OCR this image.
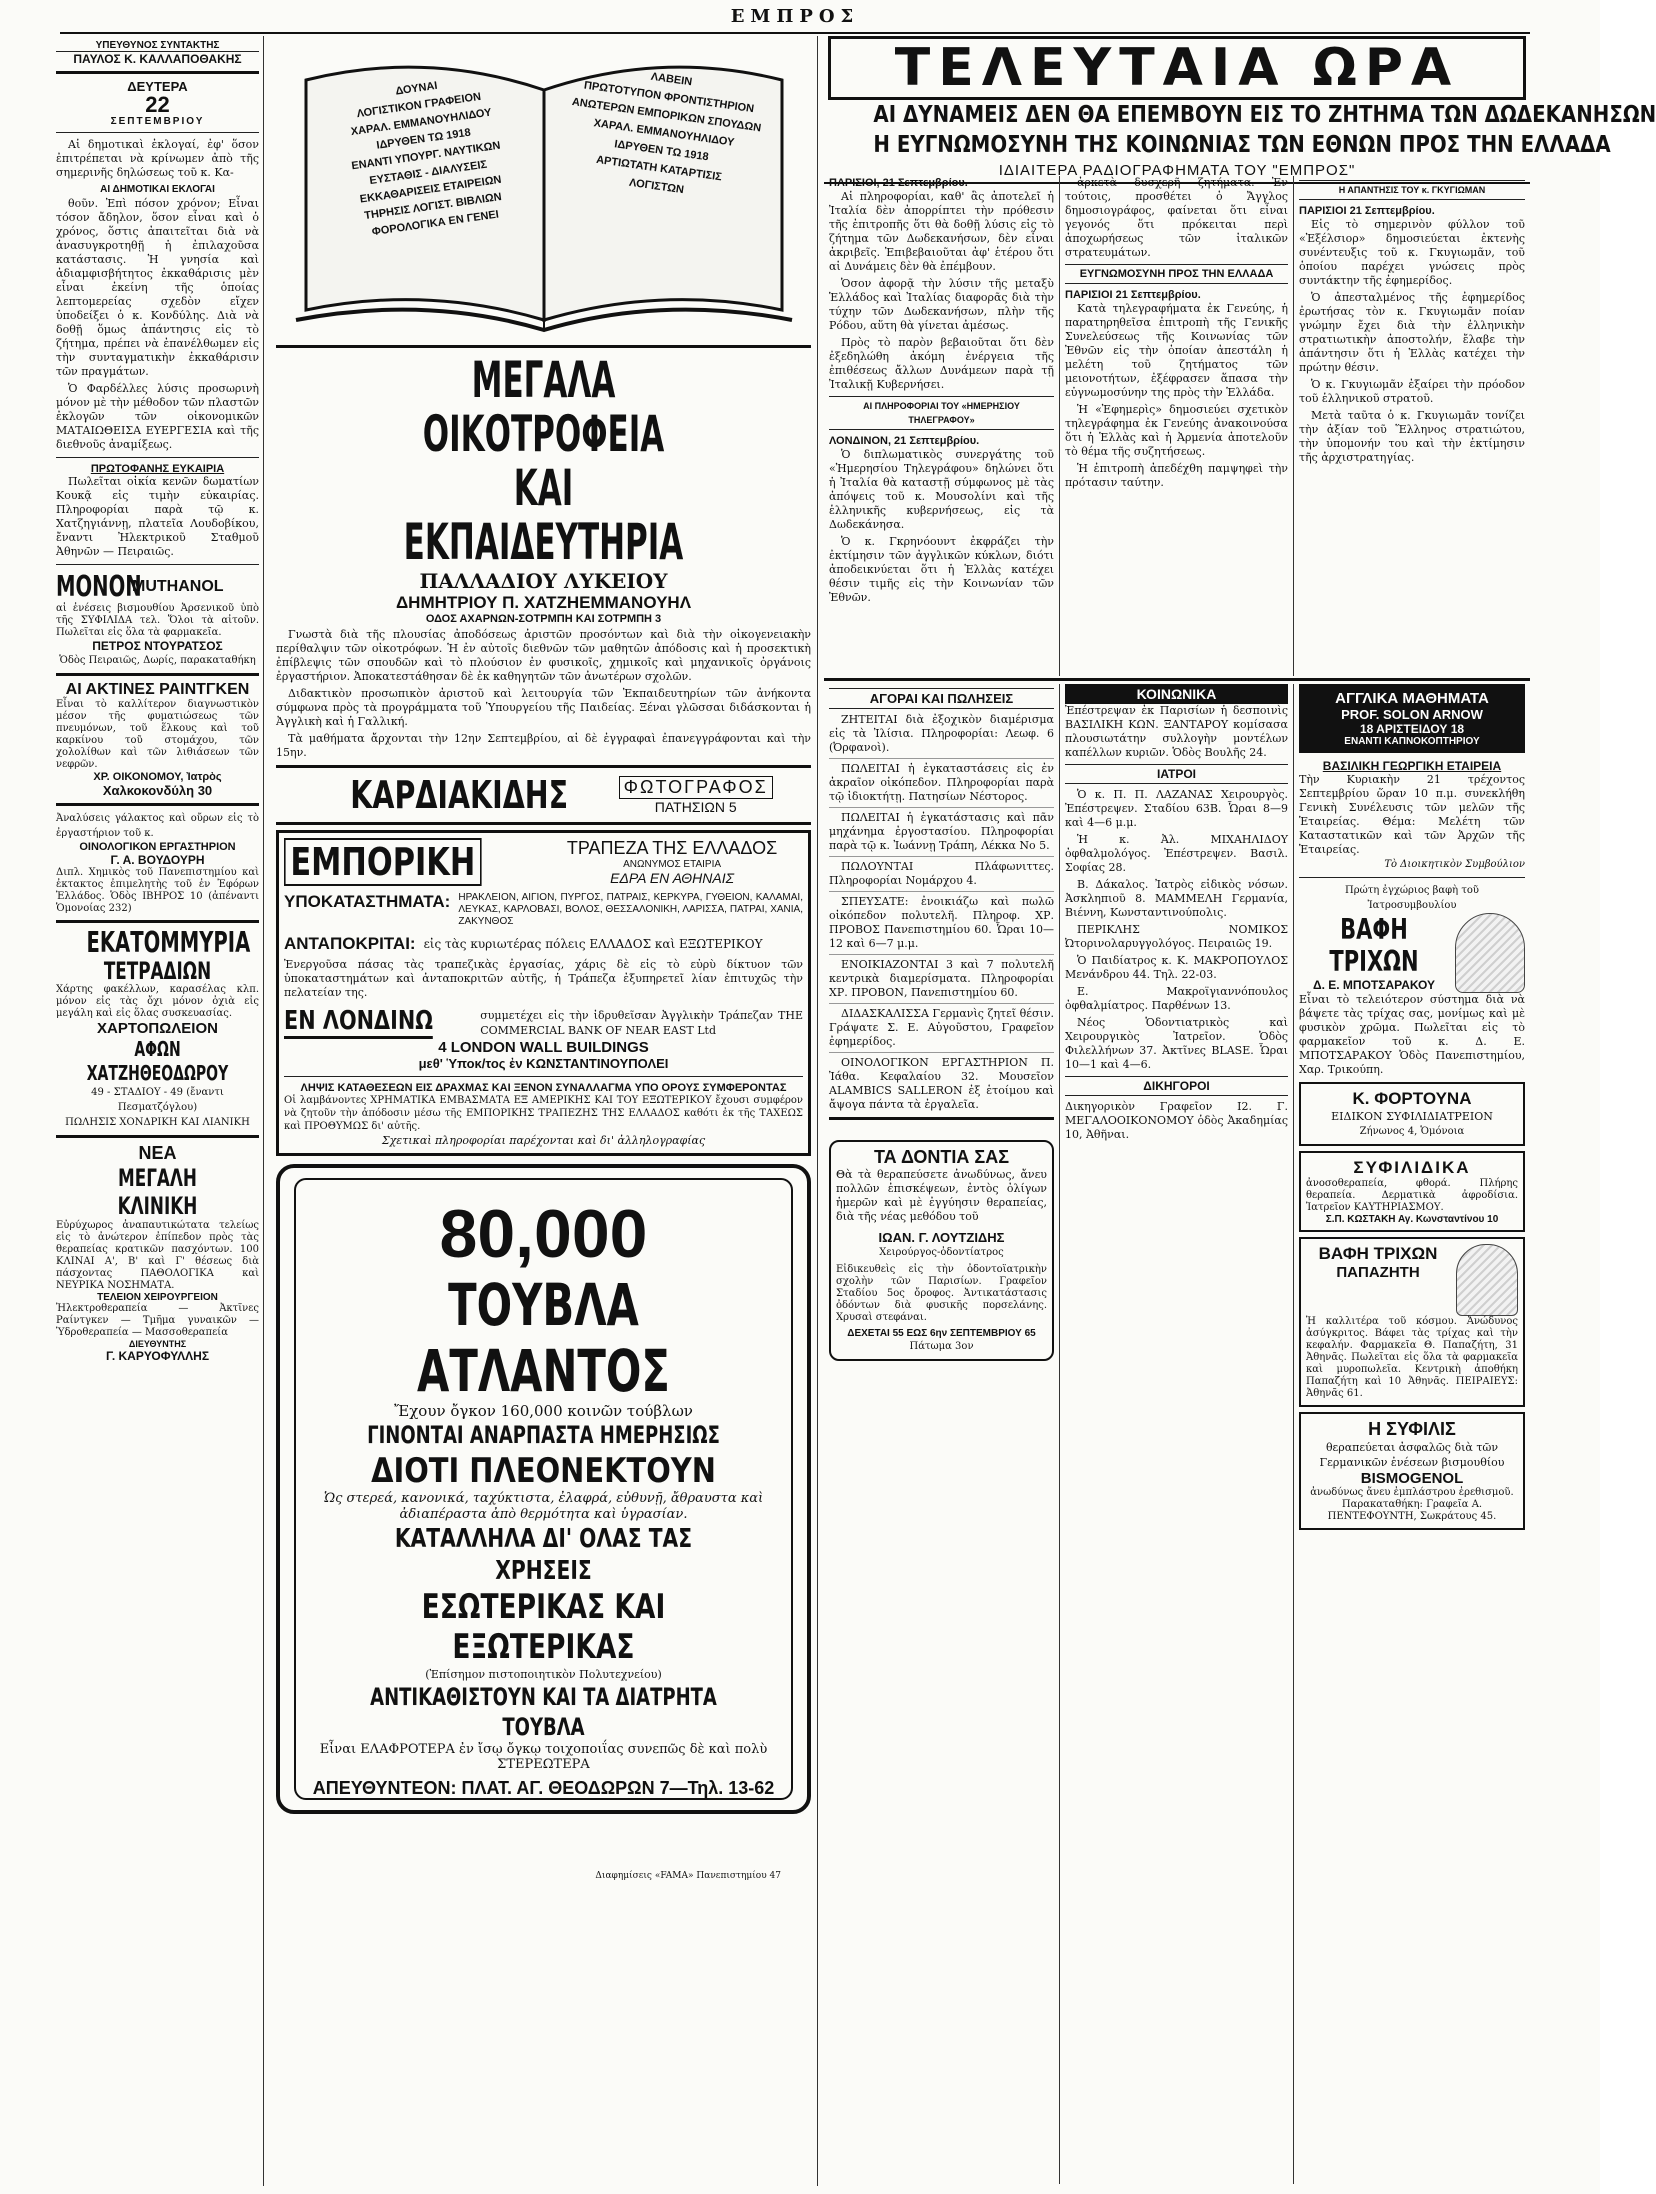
ΕΜΠΡΟΣ
ΥΠΕΥΘΥΝΟΣ ΣΥΝΤΑΚΤΗΣ
ΠΑΥΛΟΣ Κ. ΚΑΛΛΑΠΟΘΑΚΗΣ
ΔΕΥΤΕΡΑ
22
ΣΕΠΤΕΜΒΡΙΟΥ

Αἱ δημοτικαὶ ἐκλογαί, ἐφ' ὅσον ἐπιτρέπεται νὰ κρίνωμεν ἀπὸ τῆς σημερινῆς δηλώσεως τοῦ κ. Κα-

ΑΙ ΔΗΜΟΤΙΚΑΙ ΕΚΛΟΓΑΙ

θοῦν. Ἐπὶ πόσον χρόνον; Εἶναι τόσον ἄδηλον, ὅσον εἶναι καὶ ὁ χρόνος, ὅστις ἀπαιτεῖται διὰ νὰ ἀνασυγκροτηθῇ ἡ ἐπιλαχοῦσα κατάστασις. Ἡ γνησία καὶ ἀδιαμφισβήτητος ἐκκαθάρισις μὲν εἶναι ἐκείνη τῆς ὁποίας λεπτομερείας σχεδὸν εἴχεν ὑποδείξει ὁ κ. Κονδύλης. Διὰ νὰ δοθῇ ὅμως ἀπάντησις εἰς τὸ ζήτημα, πρέπει νὰ ἐπανέλθωμεν εἰς τὴν συνταγματικὴν ἐκκαθάρισιν τῶν πραγμάτων.

Ὁ Φαρδέλλες λύσις προσωρινὴ μόνον μὲ τὴν μέθοδον τῶν πλαστῶν ἐκλογῶν τῶν οἰκονομικῶν ΜΑΤΑΙΩΘΕΙΣΑ ΕΥΕΡΓΕΣΙΑ καὶ τῆς διεθνοῦς ἀναμίξεως.

ΠΡΩΤΟΦΑΝΗΣ ΕΥΚΑΙΡΙΑ

Πωλεῖται οἰκία κενῶν δωματίων Κουκᾷ εἰς τιμὴν εὐκαιρίας. Πληροφορίαι παρὰ τῷ κ. Χατζηγιάννῃ, πλατεῖα Λουδοβίκου, ἔναντι Ἠλεκτρικοῦ Σταθμοῦ Ἀθηνῶν — Πειραιῶς.

ΜΟΝΟΝ
MUTHANOL
αἱ ἐνέσεις βισμουθίου Ἀρσενικοῦ ὑπὸ τῆς ΣΥΦΙΛΙΔΑ τελ. Ὅλοι τὰ αἰτοῦν. Πωλεῖται εἰς ὅλα τὰ φαρμακεῖα.
ΠΕΤΡΟΣ ΝΤΟΥΡΑΤΣΟΣ
Ὁδὸς Πειραιῶς, Δωρίς, παρακαταθήκη
ΑΙ ΑΚΤΙΝΕΣ ΡΑΙΝΤΓΚΕΝ
Εἶναι τὸ καλλίτερον διαγνωστικὸν μέσον τῆς φυματιώσεως τῶν πνευμόνων, τοῦ ἕλκους καὶ τοῦ καρκίνου τοῦ στομάχου, τῶν χολολίθων καὶ τῶν λιθιάσεων τῶν νεφρῶν.
ΧΡ. ΟΙΚΟΝΟΜΟΥ, Ἰατρὸς
Χαλκοκονδύλη 30
Ἀναλύσεις γάλακτος καὶ οὔρων εἰς τὸ ἐργαστήριον τοῦ κ.
ΟΙΝΟΛΟΓΙΚΟΝ ΕΡΓΑΣΤΗΡΙΟΝ
Γ. Α. ΒΟΥΔΟΥΡΗ
Διπλ. Χημικὸς τοῦ Πανεπιστημίου καὶ ἐκτακτος ἐπιμελητὴς τοῦ ἐν Ἐφόρων Ἑλλάδος. Ὁδὸς ΙΒΗΡΟΣ 10 (ἀπέναντι Ὁμονοίας 232)
ΕΚΑΤΟΜΜΥΡΙΑ
ΤΕΤΡΑΔΙΩΝ
Χάρτης φακέλλων, καρασέλας κλπ. μόνον εἰς τὰς ὄχι μόνον ὀχιὰ εἰς μεγάλη καὶ εἰς ὅλας συσκευασίας.
ΧΑΡΤΟΠΩΛΕΙΟΝ
ΑΦΩΝ ΧΑΤΖΗΘΕΟΔΩΡΟΥ
49 - ΣΤΑΔΙΟΥ - 49 (ἔναντι Πεσματζόγλου)
ΠΩΛΗΣΙΣ ΧΟΝΔΡΙΚΗ ΚΑΙ ΛΙΑΝΙΚΗ
ΝΕΑ
ΜΕΓΑΛΗ ΚΛΙΝΙΚΗ
Εὐρύχωρος ἀναπαυτικώτατα τελείως εἰς τὸ ἀνώτερον ἐπίπεδον πρὸς τὰς θεραπείας κρατικῶν πασχόντων. 100 ΚΛΙΝΑΙ Α', Β' καὶ Γ' θέσεως διὰ πάσχοντας ΠΑΘΟΛΟΓΙΚΑ καὶ ΝΕΥΡΙΚΑ ΝΟΣΗΜΑΤΑ.
ΤΕΛΕΙΟΝ ΧΕΙΡΟΥΡΓΕΙΟΝ
Ἠλεκτροθεραπεία — Ἀκτῖνες Ραίντγκεν — Τμῆμα γυναικῶν — Ὑδροθεραπεία — Μασσοθεραπεία
ΔΙΕΥΘΥΝΤΗΣ
Γ. ΚΑΡΥΟΦΥΛΛΗΣ
ΔΟΥΝΑΙ
ΛΟΓΙΣΤΙΚΟΝ ΓΡΑΦΕΙΟΝ
ΧΑΡΑΛ. ΕΜΜΑΝΟΥΗΛΙΔΟΥ
ΙΔΡΥΘΕΝ ΤΩ 1918
ΕΝΑΝΤΙ ΥΠΟΥΡΓ. ΝΑΥΤΙΚΩΝ
ΕΥΣΤΑΘΙΣ - ΔΙΑΛΥΣΕΙΣ
ΕΚΚΑΘΑΡΙΣΕΙΣ ΕΤΑΙΡΕΙΩΝ
ΤΗΡΗΣΙΣ ΛΟΓΙΣΤ. ΒΙΒΛΙΩΝ
ΦΟΡΟΛΟΓΙΚΑ ΕΝ ΓΕΝΕΙ
ΛΑΒΕΙΝ
ΠΡΩΤΟΤΥΠΟΝ ΦΡΟΝΤΙΣΤΗΡΙΟΝ
ΑΝΩΤΕΡΩΝ ΕΜΠΟΡΙΚΩΝ ΣΠΟΥΔΩΝ
ΧΑΡΑΛ. ΕΜΜΑΝΟΥΗΛΙΔΟΥ
ΙΔΡΥΘΕΝ ΤΩ 1918
ΑΡΤΙΩΤΑΤΗ ΚΑΤΑΡΤΙΣΙΣ
ΛΟΓΙΣΤΩΝ
ΜΕΓΑΛΑ ΟΙΚΟΤΡΟΦΕΙΑ
ΚΑΙ ΕΚΠΑΙΔΕΥΤΗΡΙΑ
ΠΑΛΛΑΔΙΟΥ ΛΥΚΕΙΟΥ
ΔΗΜΗΤΡΙΟΥ Π. ΧΑΤΖΗΕΜΜΑΝΟΥΗΛ
ΟΔΟΣ ΑΧΑΡΝΩΝ-ΣΟΤΡΜΠΗ ΚΑΙ ΣΟΤΡΜΠΗ 3

Γνωστὰ διὰ τῆς πλουσίας ἀποδόσεως ἀριστῶν προσόντων καὶ διὰ τὴν οἰκογενειακὴν περίθαλψιν τῶν οἰκοτρόφων. Ἡ ἐν αὐτοῖς διεθνῶν τῶν μαθητῶν ἀπόδοσις καὶ ἡ προσεκτικὴ ἐπίβλεψις τῶν σπουδῶν καὶ τὸ πλούσιον ἐν φυσικοῖς, χημικοῖς καὶ μηχανικοῖς ὀργάνοις ἐργαστήριον. Ἀποκατεστάθησαν δὲ ἐκ καθηγητῶν τῶν ἀνωτέρων σχολῶν.

Διδακτικὸν προσωπικὸν ἀριστοῦ καὶ λειτουργία τῶν Ἐκπαιδευτηρίων τῶν ἀνήκοντα σύμφωνα πρὸς τὰ προγράμματα τοῦ Ὑπουργείου τῆς Παιδείας. Ξέναι γλῶσσαι διδάσκονται ἡ Ἀγγλικὴ καὶ ἡ Γαλλική.

Τὰ μαθήματα ἄρχονται τὴν 12ην Σεπτεμβρίου, αἱ δὲ ἐγγραφαὶ ἐπανεγγράφονται καὶ τὴν 15ην.

ΚΑΡΔΙΑΚΙΔΗΣ	ΦΩΤΟΓΡΑΦΟΣ
ΠΑΤΗΣΙΩΝ 5
ΕΜΠΟΡΙΚΗ	ΤΡΑΠΕΖΑ ΤΗΣ ΕΛΛΑΔΟΣ
ΑΝΩΝΥΜΟΣ ΕΤΑΙΡΙΑ
ΕΔΡΑ ΕΝ ΑΘΗΝΑΙΣ
ΥΠΟΚΑΤΑΣΤΗΜΑΤΑ: ΗΡΑΚΛΕΙΟΝ, ΑΙΓΙΟΝ, ΠΥΡΓΟΣ, ΠΑΤΡΑΙΣ, ΚΕΡΚΥΡΑ, ΓΥΘΕΙΟΝ, ΚΑΛΑΜΑΙ, ΛΕΥΚΑΣ, ΚΑΡΛΟΒΑΣΙ, ΒΟΛΟΣ, ΘΕΣΣΑΛΟΝΙΚΗ, ΛΑΡΙΣΣΑ, ΠΑΤΡΑΙ, ΧΑΝΙΑ, ΖΑΚΥΝΘΟΣ
ΑΝΤΑΠΟΚΡΙΤΑΙ: εἰς τὰς κυριωτέρας πόλεις ΕΛΛΑΔΟΣ καὶ ΕΞΩΤΕΡΙΚΟΥ
Ἐνεργοῦσα πάσας τὰς τραπεζικὰς ἐργασίας, χάρις δὲ εἰς τὸ εὐρὺ δίκτυον τῶν ὑποκαταστημάτων καὶ ἀνταποκριτῶν αὐτῆς, ἡ Τράπεζα ἐξυπηρετεῖ λίαν ἐπιτυχῶς τὴν πελατείαν της.
ΕΝ ΛΟΝΔΙΝΩ	συμμετέχει εἰς τὴν ἱδρυθεῖσαν Ἀγγλικὴν Τράπεζαν THE COMMERCIAL BANK OF NEAR EAST Ltd
4 LONDON WALL BUILDINGS
μεθ' Ὑποκ/τος ἐν ΚΩΝΣΤΑΝΤΙΝΟΥΠΟΛΕΙ
ΛΗΨΙΣ ΚΑΤΑΘΕΣΕΩΝ ΕΙΣ ΔΡΑΧΜΑΣ ΚΑΙ ΞΕΝΟΝ ΣΥΝΑΛΛΑΓΜΑ ΥΠΟ ΟΡΟΥΣ ΣΥΜΦΕΡΟΝΤΑΣ
Οἱ λαμβάνοντες ΧΡΗΜΑΤΙΚΑ ΕΜΒΑΣΜΑΤΑ ΕΞ ΑΜΕΡΙΚΗΣ ΚΑΙ ΤΟΥ ΕΞΩΤΕΡΙΚΟΥ ἔχουσι συμφέρον νὰ ζητοῦν τὴν ἀπόδοσιν μέσω τῆς ΕΜΠΟΡΙΚΗΣ ΤΡΑΠΕΖΗΣ ΤΗΣ ΕΛΛΑΔΟΣ καθότι ἐκ τῆς ΤΑΧΕΩΣ καὶ ΠΡΟΘΥΜΩΣ δι' αὐτῆς.
Σχετικαὶ πληροφορίαι παρέχονται καὶ δι' ἀλληλογραφίας
80,000
ΤΟΥΒΛΑ ΑΤΛΑΝΤΟΣ
Ἔχουν ὄγκον 160,000 κοινῶν τούβλων
ΓΙΝΟΝΤΑΙ ΑΝΑΡΠΑΣΤΑ ΗΜΕΡΗΣΙΩΣ
ΔΙΟΤΙ ΠΛΕΟΝΕΚΤΟΥΝ
Ὡς στερεά, κανονικά, ταχύκτιστα, ἐλαφρά, εὐθυνῇ, ἄθραυστα καὶ ἀδιαπέραστα ἀπὸ θερμότητα καὶ ὑγρασίαν.
ΚΑΤΑΛΛΗΛΑ ΔΙ' ΟΛΑΣ ΤΑΣ ΧΡΗΣΕΙΣ
ΕΣΩΤΕΡΙΚΑΣ ΚΑΙ ΕΞΩΤΕΡΙΚΑΣ
(Ἐπίσημον πιστοποιητικὸν Πολυτεχνείου)
ΑΝΤΙΚΑΘΙΣΤΟΥΝ ΚΑΙ ΤΑ ΔΙΑΤΡΗΤΑ ΤΟΥΒΛΑ
Εἶναι ΕΛΑΦΡΟΤΕΡΑ ἐν ἴσῳ ὄγκῳ τοιχοποιΐας συνεπῶς δὲ καὶ πολὺ ΣΤΕΡΕΩΤΕΡΑ
ΑΠΕΥΘΥΝΤΕΟΝ: ΠΛΑΤ. ΑΓ. ΘΕΟΔΩΡΩΝ 7—Τηλ. 13-62
Διαφημίσεις «FAMA» Πανεπιστημίου 47
ΤΕΛΕΥΤΑΙΑ ΩΡΑ
ΑΙ ΔΥΝΑΜΕΙΣ ΔΕΝ ΘΑ ΕΠΕΜΒΟΥΝ ΕΙΣ ΤΟ ΖΗΤΗΜΑ ΤΩΝ ΔΩΔΕΚΑΝΗΣΩΝ
Η ΕΥΓΝΩΜΟΣΥΝΗ ΤΗΣ ΚΟΙΝΩΝΙΑΣ ΤΩΝ ΕΘΝΩΝ ΠΡΟΣ ΤΗΝ ΕΛΛΑΔΑ
ΙΔΙΑΙΤΕΡΑ ΡΑΔΙΟΓΡΑΦΗΜΑΤΑ ΤΟΥ "ΕΜΠΡΟΣ"
ΠΑΡΙΣΙΟΙ, 21 Σεπτεμβρίου.

Αἱ πληροφορίαι, καθ' ἃς ἀποτελεῖ ἡ Ἰταλία δὲν ἀπορρίπτει τὴν πρόθεσιν τῆς ἐπιτροπῆς ὅτι θὰ δοθῇ λύσις εἰς τὸ ζήτημα τῶν Δωδεκανήσων, δὲν εἶναι ἀκριβεῖς. Ἐπιβεβαιοῦται ἀφ' ἑτέρου ὅτι αἱ Δυνάμεις δὲν θὰ ἐπέμβουν.

Ὁσον ἀφορᾷ τὴν λύσιν τῆς μεταξὺ Ἑλλάδος καὶ Ἰταλίας διαφορᾶς διὰ τὴν τύχην τῶν Δωδεκανήσων, πλὴν τῆς Ρόδου, αὕτη θὰ γίνεται ἀμέσως.

Πρὸς τὸ παρὸν βεβαιοῦται ὅτι δὲν ἐξεδηλώθη ἀκόμη ἐνέργεια τῆς ἐπιθέσεως ἄλλων Δυνάμεων παρὰ τῇ Ἰταλικῇ Κυβερνήσει.

ΑΙ ΠΛΗΡΟΦΟΡΙΑΙ ΤΟΥ «ΗΜΕΡΗΣΙΟΥ ΤΗΛΕΓΡΑΦΟΥ»
ΛΟΝΔΙΝΟΝ, 21 Σεπτεμβρίου.

Ὁ διπλωματικὸς συνεργάτης τοῦ «Ἡμερησίου Τηλεγράφου» δηλώνει ὅτι ἡ Ἰταλία θὰ καταστῇ σύμφωνος μὲ τὰς ἀπόψεις τοῦ κ. Μουσολίνι καὶ τῆς ἑλληνικῆς κυβερνήσεως, εἰς τὰ Δωδεκάνησα.

Ὁ κ. Γκρηνόουντ ἐκφράζει τὴν ἐκτίμησιν τῶν ἀγγλικῶν κύκλων, διότι ἀποδεικνύεται ὅτι ἡ Ἑλλὰς κατέχει θέσιν τιμῆς εἰς τὴν Κοινωνίαν τῶν Ἐθνῶν.

ἀρκετὰ δυσχερῆ ζητήματα. Ἐν τούτοις, προσθέτει ὁ Ἄγγλος δημοσιογράφος, φαίνεται ὅτι εἶναι γεγονός ὅτι πρόκειται περὶ ἀποχωρήσεως τῶν ἰταλικῶν στρατευμάτων.

ΕΥΓΝΩΜΟΣΥΝΗ ΠΡΟΣ ΤΗΝ ΕΛΛΑΔΑ
ΠΑΡΙΣΙΟΙ 21 Σεπτεμβρίου.

Κατὰ τηλεγραφήματα ἐκ Γενεύης, ἡ παρατηρηθεῖσα ἐπιτροπὴ τῆς Γενικῆς Συνελεύσεως τῆς Κοινωνίας τῶν Ἐθνῶν εἰς τὴν ὁποίαν ἀπεστάλη ἡ μελέτη τοῦ ζητήματος τῶν μειονοτήτων, ἐξέφρασεν ἅπασα τὴν εὐγνωμοσύνην της πρὸς τὴν Ἑλλάδα.

Ἡ «Ἐφημερὶς» δημοσιεύει σχετικὸν τηλεγράφημα ἐκ Γενεύης ἀνακοινούσα ὅτι ἡ Ἑλλὰς καὶ ἡ Ἀρμενία ἀποτελοῦν τὸ θέμα τῆς συζητήσεως.

Ἡ ἐπιτροπὴ ἀπεδέχθη παμψηφεὶ τὴν πρότασιν ταύτην.

Η ΑΠΑΝΤΗΣΙΣ ΤΟΥ κ. ΓΚΥΓΙΩΜΑΝ
ΠΑΡΙΣΙΟΙ 21 Σεπτεμβρίου.

Εἰς τὸ σημερινὸν φύλλον τοῦ «Ἐξέλσιορ» δημοσιεύεται ἐκτενὴς συνέντευξις τοῦ κ. Γκυγιωμᾶν, τοῦ ὁποίου παρέχει γνώσεις πρὸς συντάκτην τῆς ἐφημερίδος.

Ὁ ἀπεσταλμένος τῆς ἐφημερίδος ἐρωτήσας τὸν κ. Γκυγιωμᾶν ποίαν γνώμην ἔχει διὰ τὴν ἑλληνικὴν στρατιωτικὴν ἀποστολήν, ἔλαβε τὴν ἀπάντησιν ὅτι ἡ Ἑλλὰς κατέχει τὴν πρώτην θέσιν.

Ὁ κ. Γκυγιωμᾶν ἐξαίρει τὴν πρόοδον τοῦ ἑλληνικοῦ στρατοῦ.

Μετὰ ταῦτα ὁ κ. Γκυγιωμᾶν τονίζει τὴν ἀξίαν τοῦ Ἕλληνος στρατιώτου, τὴν ὑπομονήν του καὶ τὴν ἐκτίμησιν τῆς ἀρχιστρατηγίας.

ΑΓΟΡΑΙ ΚΑΙ ΠΩΛΗΣΕΙΣ

ΖΗΤΕΙΤΑΙ διὰ ἐξοχικὸν διαμέρισμα εἰς τὰ Ἰλίσια. Πληροφορίαι: Λεωφ. 6 (Ὀρφανοὶ).

ΠΩΛΕΙΤΑΙ ἡ ἐγκαταστάσεις εἰς ἐν ἀκραῖον οἰκόπεδον. Πληροφορίαι παρὰ τῷ ἰδιοκτήτῃ. Πατησίων Νέστορος.

ΠΩΛΕΙΤΑΙ ἡ ἐγκατάστασις καὶ πᾶν μηχάνημα ἐργοστασίου. Πληροφορίαι παρὰ τῷ κ. Ἰωάννῃ Τράπη, Λέκκα No 5.

ΠΩΛΟΥΝΤΑΙ Πλάφωνιττες. Πληροφορίαι Νομάρχου 4.

ΣΠΕΥΣΑΤΕ: ἐνοικιάζω καὶ πωλῶ οἰκόπεδον πολυτελῆ. Πληροφ. ΧΡ. ΠΡΟΒΟΣ Πανεπιστημίου 60. Ὧραι 10—12 καὶ 6—7 μ.μ.

ΕΝΟΙΚΙΑΖΟΝΤΑΙ 3 καὶ 7 πολυτελῆ κεντρικὰ διαμερίσματα. Πληροφορίαι ΧΡ. ΠΡΟΒΟΝ, Πανεπιστημίου 60.

ΔΙΔΑΣΚΑΛΙΣΣΑ Γερμανὶς ζητεῖ θέσιν. Γράψατε Σ. Ε. Αὐγοῦστου, Γραφεῖον ἐφημερίδος.

ΟΙΝΟΛΟΓΙΚΟΝ ΕΡΓΑΣΤΗΡΙΟΝ Π. Ἰάθα. Κεφαλαίου 32. Μουσεῖον ALAMBICS SALLERON ἐξ ἑτοίμου καὶ ἄψογα πάντα τὰ ἐργαλεῖα.

ΤΑ ΔΟΝΤΙΑ ΣΑΣ
Θὰ τὰ θεραπεύσετε ἀνωδύνως, ἄνευ πολλῶν ἐπισκέψεων, ἐντὸς ὀλίγων ἡμερῶν καὶ μὲ ἐγγύησιν θεραπείας, διὰ τῆς νέας μεθόδου τοῦ
ΙΩΑΝ. Γ. ΛΟΥΤΖΙΔΗΣ
Χειρούργος-ὀδοντίατρος
Εἰδικευθεὶς εἰς τὴν ὀδοντοϊατρικὴν σχολὴν τῶν Παρισίων. Γραφεῖον Σταδίου 5ος ὄροφος. Ἀντικατάστασις ὀδόντων διὰ φυσικῆς πορσελάνης. Χρυσαὶ στεφάναι.
ΔΕΧΕΤΑΙ 55 ΕΩΣ 6ην ΣΕΠΤΕΜΒΡΙΟΥ 65
Πάτωμα 3ον
ΚΟΙΝΩΝΙΚΑ
Ἐπέστρεψαν ἐκ Παρισίων ἡ δεσποινὶς ΒΑΣΙΛΙΚΗ ΚΩΝ. ΞΑΝΤΑΡΟΥ κομίσασα πλουσιωτάτην συλλογὴν μοντέλων καπέλλων κυριῶν. Ὁδὸς Βουλῆς 24.
ΙΑΤΡΟΙ

Ὁ κ. Π. Π. ΛΑΖΑΝΑΣ Χειρουργὸς. Ἐπέστρεψεν. Σταδίου 63Β. Ὧραι 8—9 καὶ 4—6 μ.μ.

Ἡ κ. Ἀλ. ΜΙΧΑΗΛΙΔΟΥ ὀφθαλμολόγος. Ἐπέστρεψεν. Βασιλ. Σοφίας 28.

Β. Δάκαλος. Ἰατρὸς εἰδικὸς νόσων. Ἀσκληπιοῦ 8. ΜΑΜΜΕΛΗ Γερμανία, Βιέννη, Κωνσταντινούπολις.

ΠΕΡΙΚΛΗΣ ΝΟΜΙΚΟΣ Ὠτορινολαρυγγολόγος. Πειραιῶς 19.

Ὁ Παιδίατρος κ. Κ. ΜΑΚΡΟΠΟΥΛΟΣ Μενάνδρου 44. Τηλ. 22-03.

Ε. Μακροϊγιαννόπουλος ὀφθαλμίατρος. Παρθένων 13.

Νέος Ὁδοντιατρικὸς καὶ Χειρουργικὸς Ἰατρεῖον. Ὁδὸς Φιλελλήνων 37. Ἀκτῖνες BLASE. Ὧραι 10—1 καὶ 4—6.

ΔΙΚΗΓΟΡΟΙ
Δικηγορικὸν Γραφεῖον Ι2. Γ. ΜΕΓΑΛΟΟΙΚΟΝΟΜΟΥ ὁδὸς Ἀκαδημίας 10, Ἀθῆναι.
ΑΓΓΛΙΚΑ ΜΑΘΗΜΑΤΑ
PROF. SOLON ARNOW
18 ΑΡΙΣΤΕΙΔΟΥ 18
ΕΝΑΝΤΙ ΚΑΠΝΟΚΟΠΤΗΡΙΟΥ
ΒΑΣΙΛΙΚΗ ΓΕΩΡΓΙΚΗ ΕΤΑΙΡΕΙΑ
Τὴν Κυριακὴν 21 τρέχοντος Σεπτεμβρίου ὥραν 10 π.μ. συνεκλήθη Γενικὴ Συνέλευσις τῶν μελῶν τῆς Ἑταιρείας. Θέμα: Μελέτη τῶν Καταστατικῶν καὶ τῶν Ἀρχῶν τῆς Ἑταιρείας.
Τὸ Διοικητικὸν Συμβούλιον
Πρώτη ἐγχώριος βαφὴ τοῦ Ἰατροσυμβουλίου
ΒΑΦΗ ΤΡΙΧΩΝ
Δ. Ε. ΜΠΟΤΣΑΡΑΚΟΥ
Εἶναι τὸ τελειότερον σύστημα διὰ νὰ βάψετε τὰς τρίχας σας, μονίμως καὶ μὲ φυσικὸν χρῶμα. Πωλεῖται εἰς τὸ φαρμακεῖον τοῦ κ. Δ. Ε. ΜΠΟΤΣΑΡΑΚΟΥ Ὁδὸς Πανεπιστημίου, Χαρ. Τρικούπη.
Κ. ΦΟΡΤΟΥΝΑ
ΕΙΔΙΚΟΝ ΣΥΦΙΛΙΔΙΑΤΡΕΙΟΝ
Ζήνωνος 4, Ὁμόνοια
ΣΥΦΙΛΙΔΙΚΑ
ἀνοσοθεραπεία, φθορά. Πλήρης θεραπεία. Δερματικὰ ἀφροδίσια. Ἰατρεῖον ΚΑΥΤΗΡΙΑΣΜΟΥ.
Σ.Π. ΚΩΣΤΑΚΗ Αγ. Κωνσταντίνου 10
ΒΑΦΗ ΤΡΙΧΩΝ
ΠΑΠΑΖΗΤΗ
Ἡ καλλιτέρα τοῦ κόσμου. Ἀνώδυνος ἀσύγκριτος. Βάφει τὰς τρίχας καὶ τὴν κεφαλήν. Φαρμακεῖα Θ. Παπαζήτη, 31 Ἀθηνᾶς. Πωλεῖται εἰς ὅλα τὰ φαρμακεῖα καὶ μυροπωλεῖα. Κεντρικὴ ἀποθήκη Παπαζήτη καὶ 10 Ἀθηνᾶς. ΠΕΙΡΑΙΕΥΣ: Ἀθηνᾶς 61.
Η ΣΥΦΙΛΙΣ
θεραπεύεται ἀσφαλῶς διὰ τῶν Γερμανικῶν ἐνέσεων βισμουθίου
BISMOGENOL
ἀνωδύνως ἄνευ ἐμπλάστρου ἐρεθισμοῦ. Παρακαταθήκη: Γραφεῖα Α. ΠΕΝΤΕΦΟΥΝΤΗ, Σωκράτους 45.
